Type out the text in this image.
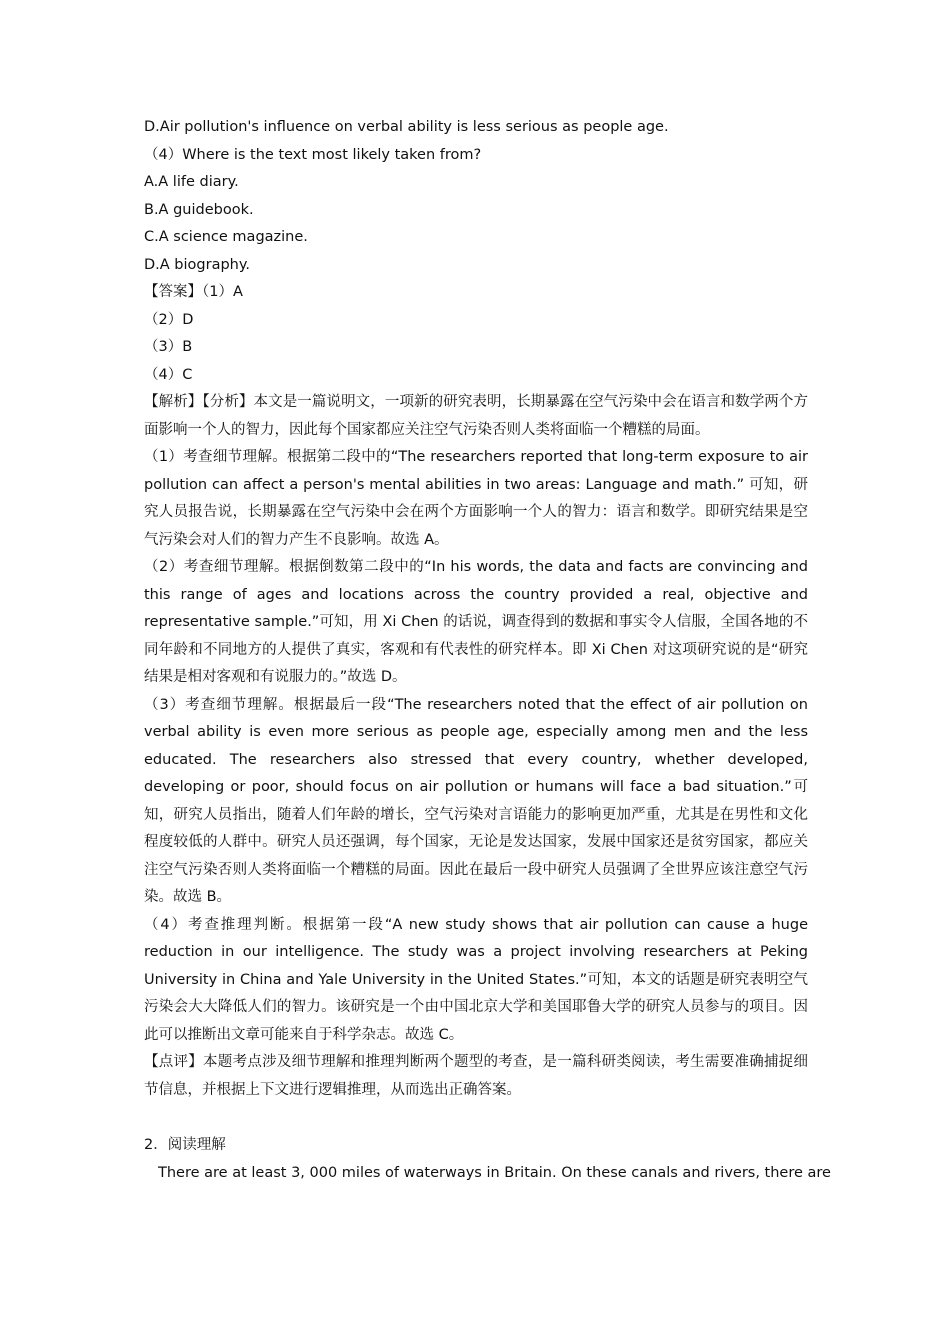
D.Air pollution's influence on verbal ability is less serious as people age.
（4）Where is the text most likely taken from?
A.A life diary.
B.A guidebook.
C.A science magazine.
D.A biography.
【答案】（1）A
（2）D
（3）B
（4）C
【解析】【分析】本文是一篇说明文，一项新的研究表明，长期暴露在空气污染中会在语言和数学两个方面影响一个人的智力，因此每个国家都应关注空气污染否则人类将面临一个糟糕的局面。
（1）考查细节理解。根据第二段中的“The researchers reported that long-term exposure to air pollution can affect a person's mental abilities in two areas: Language and math.” 可知，研究人员报告说，长期暴露在空气污染中会在两个方面影响一个人的智力：语言和数学。即研究结果是空气污染会对人们的智力产生不良影响。故选 A。
（2）考查细节理解。根据倒数第二段中的“In his words, the data and facts are convincing and this range of ages and locations across the country provided a real, objective and representative sample.”可知，用 Xi Chen 的话说，调查得到的数据和事实令人信服，全国各地的不同年龄和不同地方的人提供了真实，客观和有代表性的研究样本。即 Xi Chen 对这项研究说的是“研究结果是相对客观和有说服力的。”故选 D。
（3）考查细节理解。根据最后一段“The researchers noted that the effect of air pollution on verbal ability is even more serious as people age, especially among men and the less educated. The researchers also stressed that every country, whether developed, developing or poor, should focus on air pollution or humans will face a bad situation.”可知，研究人员指出，随着人们年龄的增长，空气污染对言语能力的影响更加严重，尤其是在男性和文化程度较低的人群中。研究人员还强调，每个国家，无论是发达国家，发展中国家还是贫穷国家，都应关注空气污染否则人类将面临一个糟糕的局面。因此在最后一段中研究人员强调了全世界应该注意空气污染。故选 B。
（4）考查推理判断。根据第一段“A new study shows that air pollution can cause a huge reduction in our intelligence. The study was a project involving researchers at Peking University in China and Yale University in the United States.”可知，本文的话题是研究表明空气污染会大大降低人们的智力。该研究是一个由中国北京大学和美国耶鲁大学的研究人员参与的项目。因此可以推断出文章可能来自于科学杂志。故选 C。
【点评】本题考点涉及细节理解和推理判断两个题型的考查，是一篇科研类阅读，考生需要准确捕捉细节信息，并根据上下文进行逻辑推理，从而选出正确答案。
2．阅读理解
There are at least 3, 000 miles of waterways in Britain. On these canals and rivers, there are
